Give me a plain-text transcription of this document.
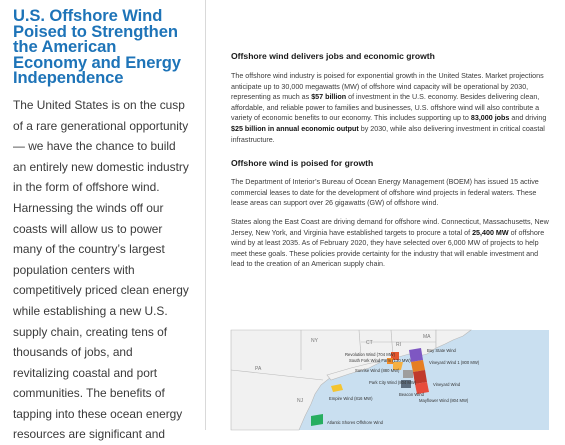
U.S. Offshore Wind Poised to Strengthen the American Economy and Energy Independence

The United States is on the cusp of a rare generational opportunity— we have the chance to build an entirely new domestic industry in the form of offshore wind. Harnessing the winds off our coasts will allow us to power many of the country’s largest population centers with competitively priced clean energy while establishing a new U.S. supply chain, creating tens of thousands of jobs, and revitalizing coastal and port communities. The benefits of tapping into these ocean energy resources are significant and

Offshore wind delivers jobs and economic growth

The offshore wind industry is poised for exponential growth in the United States. Market projections anticipate up to 30,000 megawatts (MW) of offshore wind capacity will be operational by 2030, representing as much as $57 billion of investment in the U.S. economy. Besides delivering clean, affordable, and reliable power to families and businesses, U.S. offshore wind will also contribute a variety of economic benefits to our economy. This includes supporting up to 83,000 jobs and driving $25 billion in annual economic output by 2030, while also delivering investment in critical coastal infrastructure.

Offshore wind is poised for growth

The Department of Interior’s Bureau of Ocean Energy Management (BOEM) has issued 15 active commercial leases to date for the development of offshore wind projects in federal waters. These lease areas can support over 26 gigawatts (GW) of offshore wind.

States along the East Coast are driving demand for offshore wind. Connecticut, Massachusetts, New Jersey, New York, and Virginia have established targets to procure a total of 25,400 MW of offshore wind by at least 2035. As of February 2020, they have selected over 6,000 MW of projects to help meet these goals. These policies provide certainty for the industry that will enable investment and lead to the creation of an American supply chain.

NY	CT	RI
MA
PA
NJ
Revolution Wind (704 MW)
South Fork Wind Farm (130 MW)
Sunrise Wind (880 MW)
Park City Wind (804 MW)
Empire Wind (816 MW)
Bay State Wind
Vineyard Wind 1 (800 MW)
Vineyard Wind
Beacon Wind
Mayflower Wind (804 MW)
Atlantic Shores Offshore Wind
